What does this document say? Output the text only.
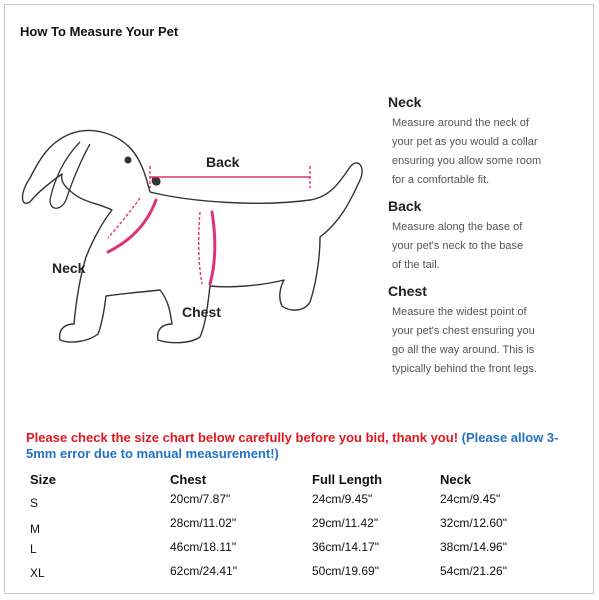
How To Measure Your Pet
Back
Neck
Chest
Neck
Measure around the neck of
your pet as you would a collar
ensuring you allow some room
for a comfortable fit.
Back
Measure along the base of
your pet's neck to the base
of the tail.
Chest
Measure the widest point of
your pet's chest ensuring you
go all the way around. This is
typically behind the front legs.
Please check the size chart below carefully before you bid, thank you! (Please allow 3-5mm error due to manual measurement!)
Size	Chest	Full Length	Neck
S	20cm/7.87"	24cm/9.45"	24cm/9.45"
M	28cm/11.02"	29cm/11.42"	32cm/12.60"
L	46cm/18.11"	36cm/14.17"	38cm/14.96"
XL	62cm/24.41"	50cm/19.69"	54cm/21.26"
